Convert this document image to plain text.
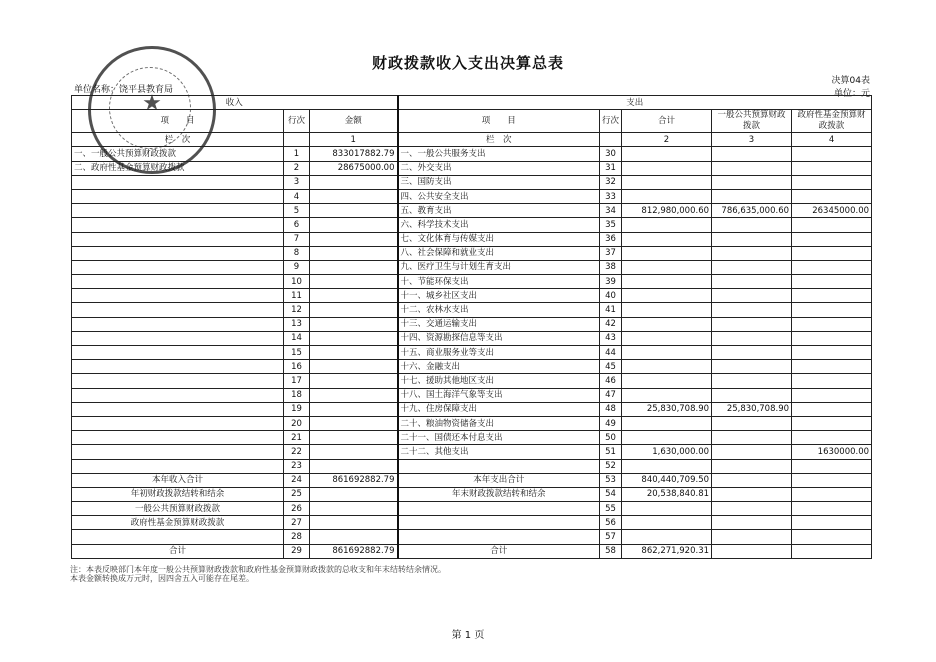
★
财政拨款收入支出决算总表
决算04表
单位名称：饶平县教育局	单位：元
收入			支出				
项　　目	行次	金额	项　　目	行次	合计	一般公共预算财政拨款	政府性基金预算财政拨款

栏　次		1	栏　次		2	3	4
一、一般公共预算财政拨款	1	833017882.79	一、一般公共服务支出	30			
二、政府性基金预算财政拨款	2	28675000.00	二、外交支出	31			
	3		三、国防支出	32			
	4		四、公共安全支出	33			
	5		五、教育支出	34	812,980,000.60	786,635,000.60	26345000.00
	6		六、科学技术支出	35			
	7		七、文化体育与传媒支出	36			
	8		八、社会保障和就业支出	37			
	9		九、医疗卫生与计划生育支出	38			
	10		十、节能环保支出	39			
	11		十一、城乡社区支出	40			
	12		十二、农林水支出	41			
	13		十三、交通运输支出	42			
	14		十四、资源勘探信息等支出	43			
	15		十五、商业服务业等支出	44			
	16		十六、金融支出	45			
	17		十七、援助其他地区支出	46			
	18		十八、国土海洋气象等支出	47			
	19		十九、住房保障支出	48	25,830,708.90	25,830,708.90	
	20		二十、粮油物资储备支出	49			
	21		二十一、国债还本付息支出	50			
	22		二十二、其他支出	51	1,630,000.00		1630000.00
	23			52			
本年收入合计	24	861692882.79	本年支出合计	53	840,440,709.50		
年初财政拨款结转和结余	25		年末财政拨款结转和结余	54	20,538,840.81		
一般公共预算财政拨款	26			55			
政府性基金预算财政拨款	27			56			
	28			57			
合计	29	861692882.79	合计	58	862,271,920.31		
注：本表反映部门本年度一般公共预算财政拨款和政府性基金预算财政拨款的总收支和年末结转结余情况。
本表金额转换成万元时，因四舍五入可能存在尾差。
第 1 页
